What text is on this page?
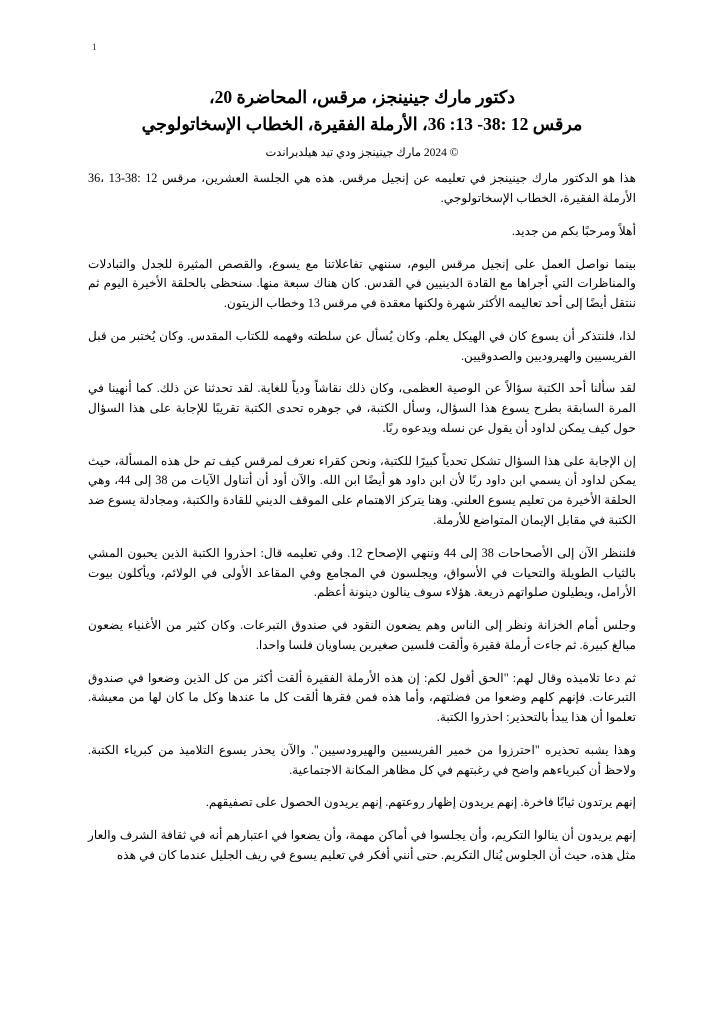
1
دكتور مارك جينينجز، مرقس، المحاضرة 20،
مرقس 12 :38- 13: 36، الأرملة الفقيرة، الخطاب الإسخاتولوجي
© 2024 مارك جينينجز ودي تيد هيلدبراندت

هذا هو الدكتور مارك جينينجز في تعليمه عن إنجيل مرقس. هذه هي الجلسة العشرين، مرقس 12 :38-13 ،36 الأرملة الفقيرة، الخطاب الإسخاتولوجي.

أهلاً ومرحبًا بكم من جديد.

بينما نواصل العمل على إنجيل مرقس اليوم، سننهي تفاعلاتنا مع يسوع، والقصص المثيرة للجدل والتبادلات والمناظرات التي أجراها مع القادة الدينيين في القدس. كان هناك سبعة منها. سنحظى بالحلقة الأخيرة اليوم ثم ننتقل أيضًا إلى أحد تعاليمه الأكثر شهرة ولكنها معقدة في مرقس 13 وخطاب الزيتون.

لذا، فلنتذكر أن يسوع كان في الهيكل يعلم. وكان يُسأل عن سلطته وفهمه للكتاب المقدس. وكان يُختبر من قبل الفريسيين والهيروديين والصدوقيين.

لقد سألنا أحد الكتبة سؤالاً عن الوصية العظمى، وكان ذلك نقاشاً ودياً للغاية. لقد تحدثنا عن ذلك. كما أنهينا في المرة السابقة بطرح يسوع هذا السؤال، وسأل الكتبة، في جوهره تحدى الكتبة تقريبًا للإجابة على هذا السؤال حول كيف يمكن لداود أن يقول عن نسله ويدعوه ربًا.

إن الإجابة على هذا السؤال تشكل تحدياً كبيرًا للكتبة، ونحن كقراء نعرف لمرقس كيف تم حل هذه المسألة، حيث يمكن لداود أن يسمي ابن داود ربًا لأن ابن داود هو أيضًا ابن الله. والآن أود أن أتناول الآيات من 38 إلى 44، وهي الحلقة الأخيرة من تعليم يسوع العلني. وهنا يتركز الاهتمام على الموقف الديني للقادة والكتبة، ومجادلة يسوع ضد الكتبة في مقابل الإيمان المتواضع للأرملة.

فلننظر الآن إلى الأصحاحات 38 إلى 44 وننهي الإصحاح 12. وفي تعليمه قال: احذروا الكتبة الذين يحبون المشي بالثياب الطويلة والتحيات في الأسواق، ويجلسون في المجامع وفي المقاعد الأولى في الولائم، ويأكلون بيوت الأرامل، ويطيلون صلواتهم ذريعة. هؤلاء سوف ينالون دينونة أعظم.

وجلس أمام الخزانة ونظر إلى الناس وهم يضعون النقود في صندوق التبرعات. وكان كثير من الأغنياء يضعون مبالغ كبيرة. ثم جاءت أرملة فقيرة وألقت فلسين صغيرين يساويان فلسا واحدا.

ثم دعا تلاميذه وقال لهم: "الحق أقول لكم: إن هذه الأرملة الفقيرة ألقت أكثر من كل الذين وضعوا في صندوق التبرعات. فإنهم كلهم وضعوا من فضلتهم، وأما هذه فمن فقرها ألقت كل ما عندها وكل ما كان لها من معيشة. تعلموا أن هذا يبدأ بالتحذير: احذروا الكتبة.

وهذا يشبه تحذيره "احترزوا من خمير الفريسيين والهيرودسيين". والآن يحذر يسوع التلاميذ من كبرياء الكتبة. ولاحظ أن كبرياءهم واضح في رغبتهم في كل مظاهر المكانة الاجتماعية.

إنهم يرتدون ثيابًا فاخرة. إنهم يريدون إظهار روعتهم. إنهم يريدون الحصول على تصفيقهم.

إنهم يريدون أن ينالوا التكريم، وأن يجلسوا في أماكن مهمة، وأن يضعوا في اعتبارهم أنه في ثقافة الشرف والعار مثل هذه، حيث أن الجلوس يُنال التكريم. حتى أنني أفكر في تعليم يسوع في ريف الجليل عندما كان في هذه
